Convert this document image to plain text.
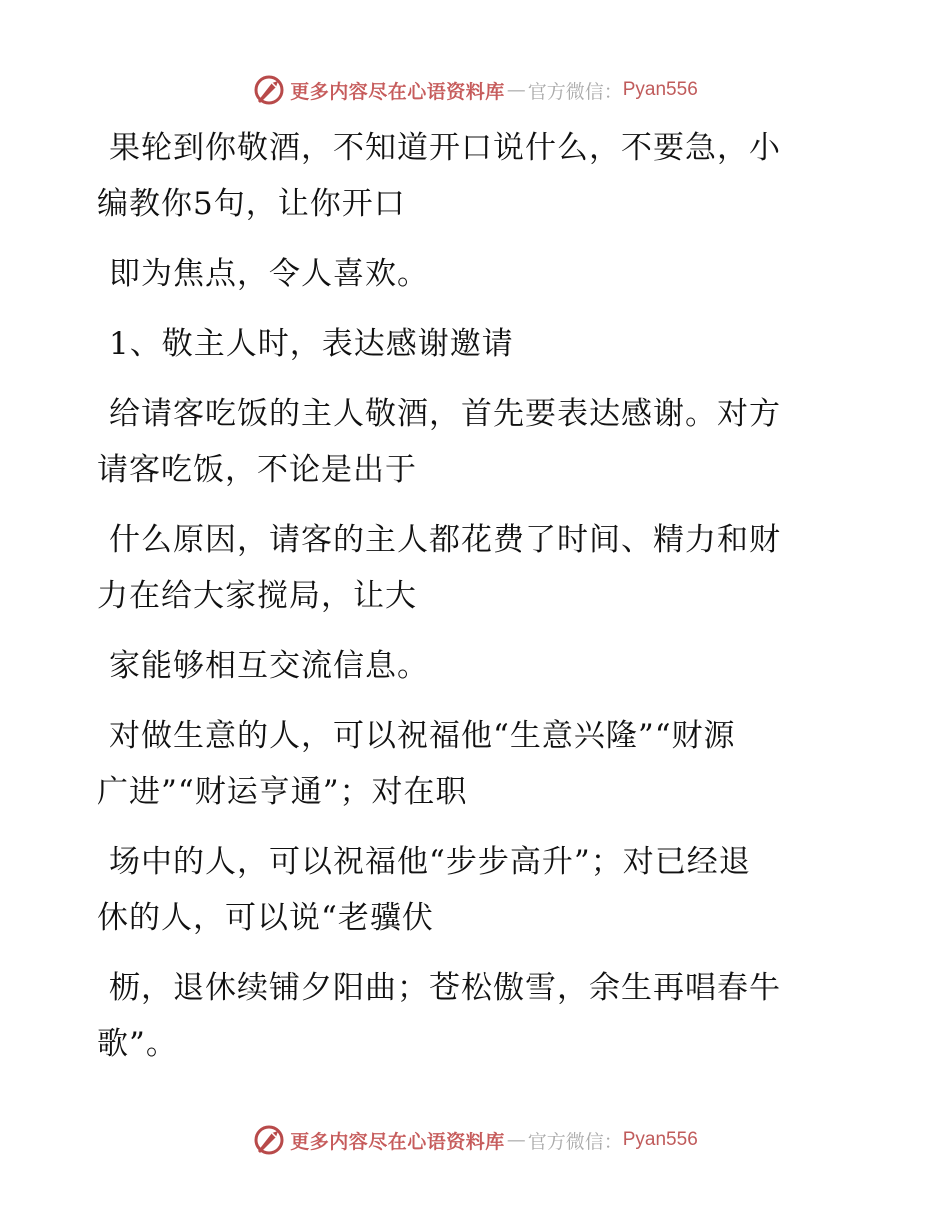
更多内容尽在心语资料库 — 官方微信： Pyan556

果轮到你敬酒，不知道开口说什么，不要急，小
编教你5句，让你开口

即为焦点，令人喜欢。

1、敬主人时，表达感谢邀请

给请客吃饭的主人敬酒，首先要表达感谢。对方
请客吃饭，不论是出于

什么原因，请客的主人都花费了时间、精力和财
力在给大家搅局，让大

家能够相互交流信息。

对做生意的人，可以祝福他“生意兴隆”“财源
广进”“财运亨通”；对在职

场中的人，可以祝福他“步步高升”；对已经退
休的人，可以说“老骥伏

枥，退休续铺夕阳曲；苍松傲雪，余生再唱春牛
歌”。

更多内容尽在心语资料库 — 官方微信： Pyan556
